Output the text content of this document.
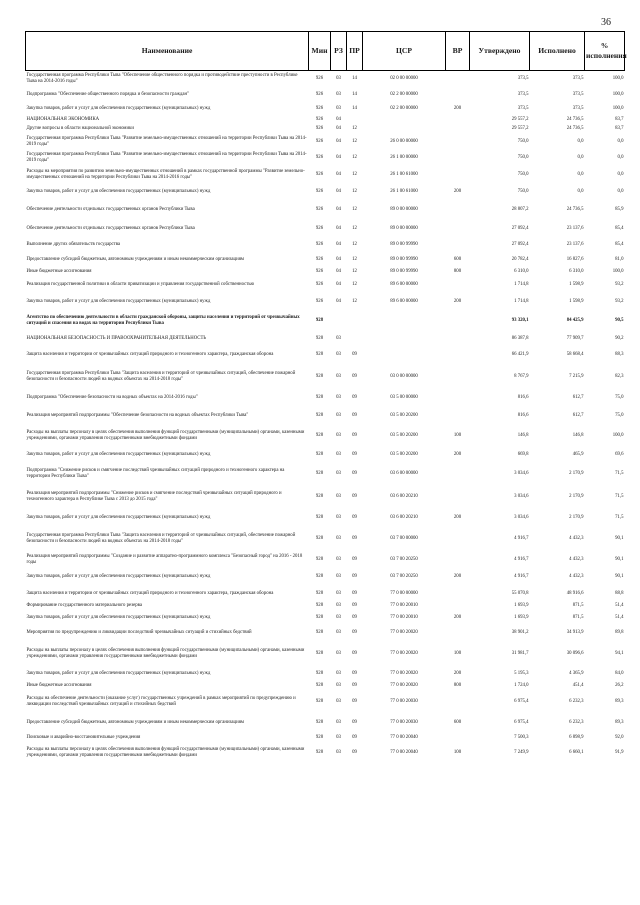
36
Наименование	Мин	РЗ	ПР	ЦСР	ВР	Утверждено	Исполнено	% исполнения
Государственная программа Республики Тыва "Обеспечение общественного порядка и противодействие преступности в Республике Тыва на 2014-2016 годы"	926	03	14	02 0 00 00000		373,5	373,5	100,0
Подпрограмма "Обеспечение общественного порядка и безопасности граждан"	926	03	14	02 2 00 00000		373,5	373,5	100,0
Закупка товаров, работ и услуг для обеспечения государственных (муниципальных) нужд	926	03	14	02 2 00 00000	200	373,5	373,5	100,0
НАЦИОНАЛЬНАЯ ЭКОНОМИКА	926	04				29 557,2	24 736,5	83,7
Другие вопросы в области национальной экономики	926	04	12			29 557,2	24 736,5	83,7
Государственная программа Республики Тыва "Развитие земельно-имущественных отношений на территории Республики Тыва на 2014-2019 годы"	926	04	12	26 0 00 00000		750,0	0,0	0,0
Государственная программа Республики Тыва "Развитие земельно-имущественных отношений на территории Республики Тыва на 2014-2019 годы"	926	04	12	26 1 00 00000		750,0	0,0	0,0
Расходы на мероприятия по развитию земельно-имущественных отношений в рамках государственной программы "Развитие земельно-имущественных отношений на территории Республики Тыва на 2014-2016 годы"	926	04	12	26 1 00 61000		750,0	0,0	0,0
Закупка товаров, работ и услуг для обеспечения государственных (муниципальных) нужд	926	04	12	26 1 00 61000	200	750,0	0,0	0,0
Обеспечение деятельности отдельных государственных органов Республики Тыва	926	04	12	89 0 00 00000		28 807,2	24 736,5	85,9
Обеспечение деятельности отдельных государственных органов Республики Тыва	926	04	12	89 0 00 00000		27 092,4	23 137,6	85,4
Выполнение других обязательств государства	926	04	12	89 0 00 99990		27 092,4	23 137,6	85,4
Предоставление субсидий бюджетным, автономным учреждениям и иным некоммерческим организациям	926	04	12	89 0 00 99990	600	20 782,4	16 827,6	81,0
Иные бюджетные ассигнования	926	04	12	89 0 00 99990	800	6 310,0	6 310,0	100,0
Реализация государственной политики в области приватизации и управления государственной собственностью	926	04	12	89 6 00 00000		1 714,8	1 598,9	93,2
Закупка товаров, работ и услуг для обеспечения государственных (муниципальных) нужд	926	04	12	89 6 00 00000	200	1 714,8	1 598,9	93,2
Агентство по обеспечению деятельности в области гражданской обороны, защиты населения и территорий от чрезвычайных ситуаций и спасения на водах на территории Республики Тыва	928					93 320,1	84 425,9	90,5
НАЦИОНАЛЬНАЯ БЕЗОПАСНОСТЬ И ПРАВООХРАНИТЕЛЬНАЯ ДЕЯТЕЛЬНОСТЬ	928	03				86 387,8	77 909,7	90,2
Защита населения и территории от чрезвычайных ситуаций природного и техногенного характера, гражданская оборона	928	03	09			66 421,9	58 668,4	88,3
Государственная программа Республики Тыва "Защита населения и территорий от чрезвычайных ситуаций, обеспечение пожарной безопасности и безопасности людей на водных объектах на 2014-2018 годы"	928	03	09	03 0 00 00000		8 767,9	7 215,9	82,3
Подпрограмма "Обеспечение безопасности на водных объектах на 2014-2016 годы"	928	03	09	03 5 00 00000		816,6	612,7	75,0
Реализация мероприятий подпрограммы "Обеспечение безопасности на водных объектах Республики Тыва"	928	03	09	03 5 00 20200		816,6	612,7	75,0
Расходы на выплаты персоналу в целях обеспечения выполнения функций государственными (муниципальными) органами, казенными учреждениями, органами управления государственными внебюджетными фондами	928	03	09	03 5 00 20200	100	146,8	146,8	100,0
Закупка товаров, работ и услуг для обеспечения государственных (муниципальных) нужд	928	03	09	03 5 00 20200	200	669,8	465,9	69,6
Подпрограмма "Снижение рисков и смягчение последствий чрезвычайных ситуаций природного и техногенного характера на территории Республики Тыва"	928	03	09	03 6 00 00000		3 034,6	2 170,9	71,5
Реализация мероприятий подпрограммы "Снижение рисков и смягчение последствий чрезвычайных ситуаций природного и техногенного характера в Республике Тыва с 2013 до 2015 года"	928	03	09	03 6 00 20210		3 034,6	2 170,9	71,5
Закупка товаров, работ и услуг для обеспечения государственных (муниципальных) нужд	928	03	09	03 6 00 20210	200	3 034,6	2 170,9	71,5
Государственная программа Республики Тыва "Защита населения и территорий от чрезвычайных ситуаций, обеспечение пожарной безопасности и безопасности людей на водных объектах на 2014-2018 годы"	928	03	09	03 7 00 00000		4 916,7	4 432,3	90,1
Реализация мероприятий подпрограммы "Создание и развитие аппаратно-программного комплекса "Безопасный город" на 2016 - 2018 годы	928	03	09	03 7 00 20250		4 916,7	4 432,3	90,1
Закупка товаров, работ и услуг для обеспечения государственных (муниципальных) нужд	928	03	09	03 7 00 20250	200	4 916,7	4 432,3	90,1
Защита населения и территории от чрезвычайных ситуаций природного и техногенного характера, гражданская оборона	928	03	09	77 0 00 00000		55 070,8	48 916,6	88,8
Формирование государственного материального резерва	928	03	09	77 0 00 20010		1 693,9	871,5	51,4
Закупка товаров, работ и услуг для обеспечения государственных (муниципальных) нужд	928	03	09	77 0 00 20010	200	1 693,9	871,5	51,4
Мероприятия по предупреждению и ликвидации последствий чрезвычайных ситуаций и стихийных бедствий	928	03	09	77 0 00 20020		38 901,2	34 913,9	89,8
Расходы на выплаты персоналу в целях обеспечения выполнения функций государственными (муниципальными) органами, казенными учреждениями, органами управления государственными внебюджетными фондами	928	03	09	77 0 00 20020	100	31 981,7	30 096,6	94,1
Закупка товаров, работ и услуг для обеспечения государственных (муниципальных) нужд	928	03	09	77 0 00 20020	200	5 195,3	4 365,9	84,0
Иные бюджетные ассигнования	928	03	09	77 0 00 20020	800	1 724,0	451,4	26,2
Расходы на обеспечение деятельности (оказание услуг) государственных учреждений в рамках мероприятий по предупреждению и ликвидации последствий чрезвычайных ситуаций и стихийных бедствий	928	03	09	77 0 00 20030		6 975,4	6 232,3	89,3
Предоставление субсидий бюджетным, автономным учреждениям и иным некоммерческим организациям	928	03	09	77 0 00 20030	600	6 975,4	6 232,3	89,3
Поисковые и аварийно-восстановительные учреждения	928	03	09	77 0 00 20040		7 500,3	6 898,9	92,0
Расходы на выплаты персоналу в целях обеспечения выполнения функций государственными (муниципальными) органами, казенными учреждениями, органами управления государственными внебюджетными фондами	928	03	09	77 0 00 20040	100	7 249,9	6 660,1	91,9
